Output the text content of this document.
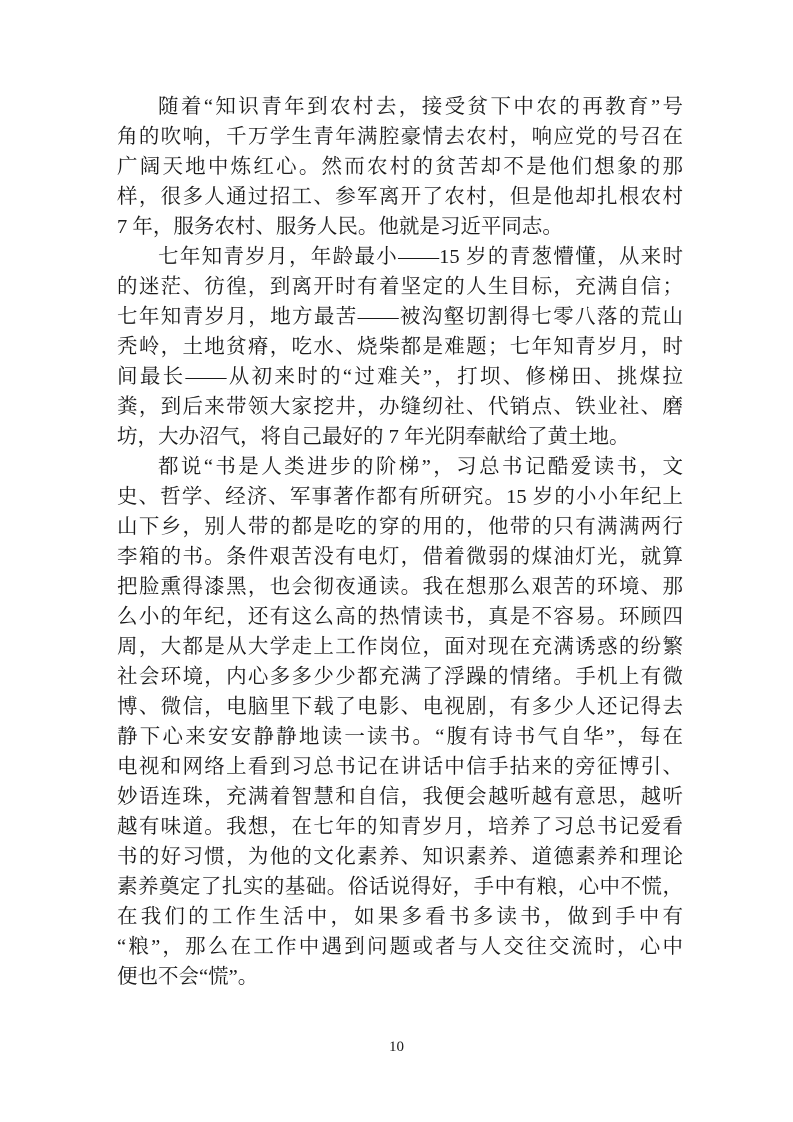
随着“知识青年到农村去，接受贫下中农的再教育”号
角的吹响，千万学生青年满腔豪情去农村，响应党的号召在
广阔天地中炼红心。然而农村的贫苦却不是他们想象的那
样，很多人通过招工、参军离开了农村，但是他却扎根农村
7 年，服务农村、服务人民。他就是习近平同志。
七年知青岁月，年龄最小——15 岁的青葱懵懂，从来时
的迷茫、彷徨，到离开时有着坚定的人生目标，充满自信；
七年知青岁月，地方最苦——被沟壑切割得七零八落的荒山
秃岭，土地贫瘠，吃水、烧柴都是难题；七年知青岁月，时
间最长——从初来时的“过难关”，打坝、修梯田、挑煤拉
粪，到后来带领大家挖井，办缝纫社、代销点、铁业社、磨
坊，大办沼气，将自己最好的 7 年光阴奉献给了黄土地。
都说“书是人类进步的阶梯”，习总书记酷爱读书，文
史、哲学、经济、军事著作都有所研究。15 岁的小小年纪上
山下乡，别人带的都是吃的穿的用的，他带的只有满满两行
李箱的书。条件艰苦没有电灯，借着微弱的煤油灯光，就算
把脸熏得漆黑，也会彻夜通读。我在想那么艰苦的环境、那
么小的年纪，还有这么高的热情读书，真是不容易。环顾四
周，大都是从大学走上工作岗位，面对现在充满诱惑的纷繁
社会环境，内心多多少少都充满了浮躁的情绪。手机上有微
博、微信，电脑里下载了电影、电视剧，有多少人还记得去
静下心来安安静静地读一读书。“腹有诗书气自华”，每在
电视和网络上看到习总书记在讲话中信手拈来的旁征博引、
妙语连珠，充满着智慧和自信，我便会越听越有意思，越听
越有味道。我想，在七年的知青岁月，培养了习总书记爱看
书的好习惯，为他的文化素养、知识素养、道德素养和理论
素养奠定了扎实的基础。俗话说得好，手中有粮，心中不慌，
在我们的工作生活中，如果多看书多读书，做到手中有
“粮”，那么在工作中遇到问题或者与人交往交流时，心中
便也不会“慌”。
10
